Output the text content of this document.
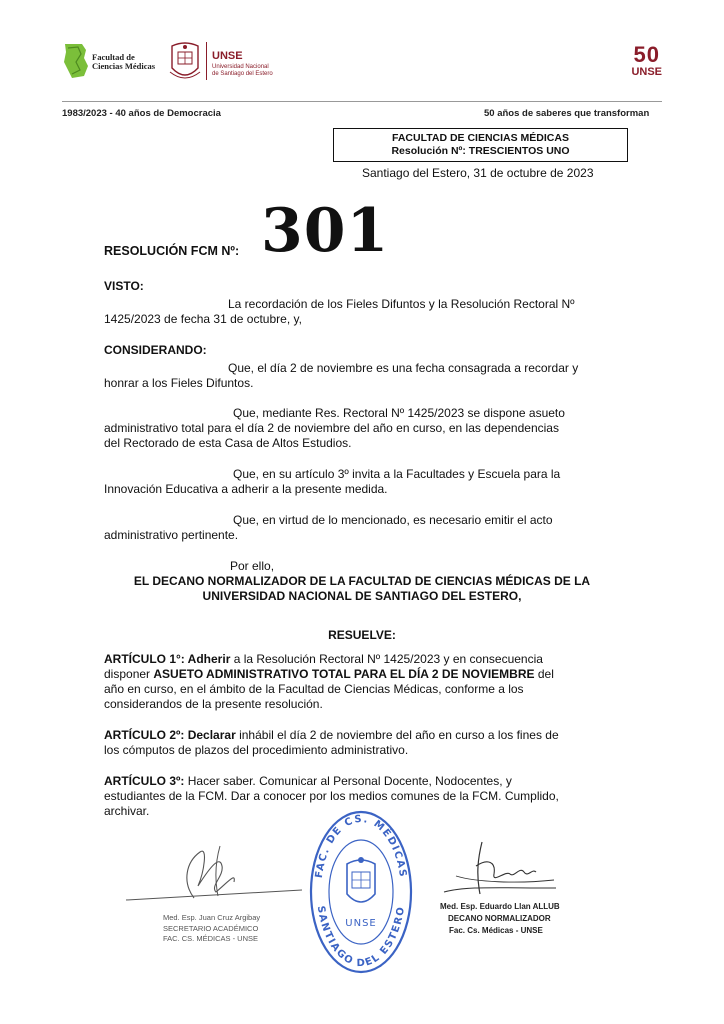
Facultad de
Ciencias Médicas
UNSE
Universidad Nacional
de Santiago del Estero
50
UNSE
1983/2023 - 40 años de Democracia	50 años de saberes que transforman
FACULTAD DE CIENCIAS MÉDICAS
Resolución Nº: TRESCIENTOS UNO
Santiago del Estero, 31 de octubre de 2023
RESOLUCIÓN FCM Nº: 301
VISTO:
La recordación de los Fieles Difuntos y la Resolución Rectoral Nº
1425/2023 de fecha 31 de octubre, y,
CONSIDERANDO:
Que, el día 2 de noviembre es una fecha consagrada a recordar y
honrar a los Fieles Difuntos.
Que, mediante Res. Rectoral Nº 1425/2023 se dispone asueto
administrativo total para el día 2 de noviembre del año en curso, en las dependencias
del Rectorado de esta Casa de Altos Estudios.
Que, en su artículo 3º invita a la Facultades y Escuela para la
Innovación Educativa a adherir a la presente medida.
Que, en virtud de lo mencionado, es necesario emitir el acto
administrativo pertinente.
Por ello,
EL DECANO NORMALIZADOR DE LA FACULTAD DE CIENCIAS MÉDICAS DE LA
UNIVERSIDAD NACIONAL DE SANTIAGO DEL ESTERO,
RESUELVE:
ARTÍCULO 1°: Adherir a la Resolución Rectoral Nº 1425/2023 y en consecuencia
disponer ASUETO ADMINISTRATIVO TOTAL PARA EL DÍA 2 DE NOVIEMBRE del
año en curso, en el ámbito de la Facultad de Ciencias Médicas, conforme a los
considerandos de la presente resolución.
ARTÍCULO 2º: Declarar inhábil el día 2 de noviembre del año en curso a los fines de
los cómputos de plazos del procedimiento administrativo.
ARTÍCULO 3º: Hacer saber. Comunicar al Personal Docente, Nodocentes, y
estudiantes de la FCM. Dar a conocer por los medios comunes de la FCM. Cumplido,
archivar.
FAC. DE CS. MÉDICAS
SANTIAGO DEL ESTERO
UNSE
Med. Esp. Juan Cruz Argibay
SECRETARIO ACADÉMICO
FAC. CS. MÉDICAS - UNSE
Med. Esp. Eduardo Llan ALLUB
DECANO NORMALIZADOR
Fac. Cs. Médicas - UNSE
